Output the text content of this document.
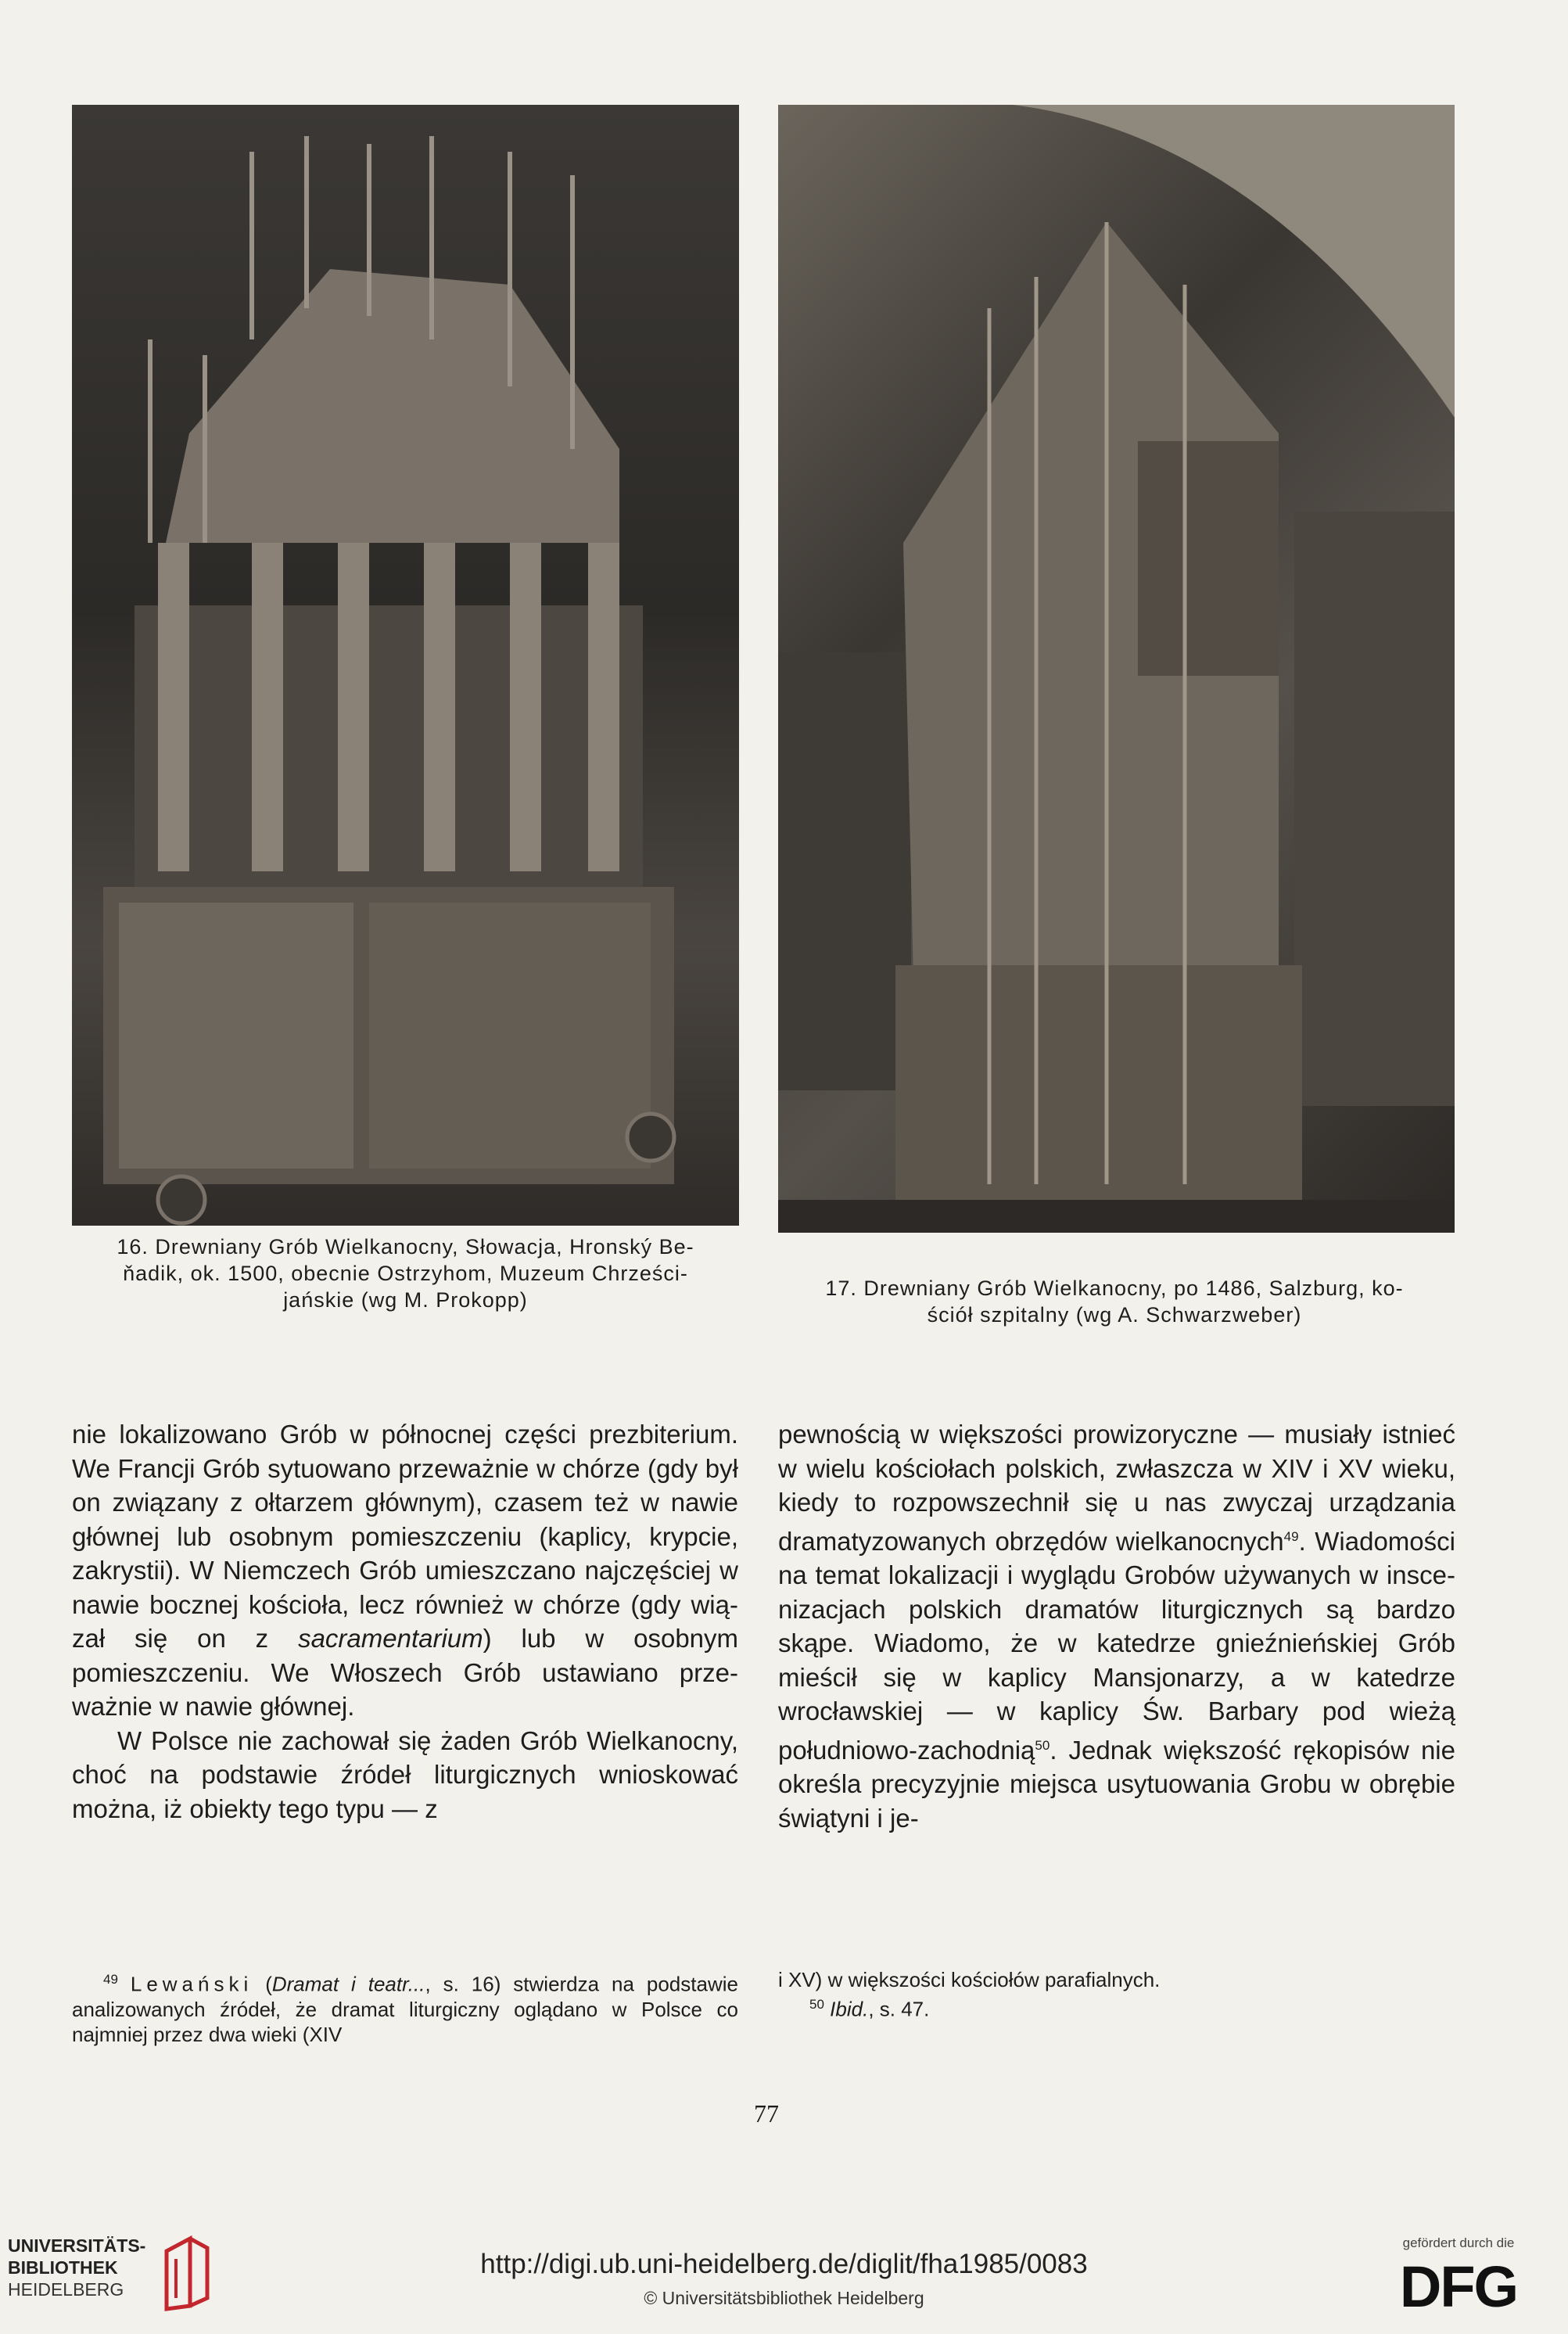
16. Drewniany Grób Wielkanocny, Słowacja, Hronský Be-
ňadik, ok. 1500, obecnie Ostrzyhom, Muzeum Chrześci-
jańskie (wg M. Prokopp)	17. Drewniany Grób Wielkanocny, po 1486, Salzburg, ko-
ściół szpitalny (wg A. Schwarzweber)

nie lokalizowano Grób w północnej części prezbiterium. We Francji Grób sytuowano przeważnie w chórze (gdy był on związany z ołtarzem głównym), czasem też w nawie głównej lub osobnym pomieszczeniu (kaplicy, krypcie, zakrystii). W Niemczech Grób umieszczano najczęściej w nawie bocznej kościoła, lecz również w chórze (gdy wiązał się on z sacramentarium) lub w osobnym pomieszczeniu. We Włoszech Grób ustawiano przeważnie w nawie głównej.

W Polsce nie zachował się żaden Grób Wielkanocny, choć na podstawie źródeł liturgicznych wnioskować można, iż obiekty tego typu — z

pewnością w większości prowizoryczne — musiały istnieć w wielu kościołach polskich, zwłaszcza w XIV i XV wieku, kiedy to rozpowszechnił się u nas zwyczaj urządzania dramatyzowanych obrzędów wielkanocnych$^{49}$. Wiadomości na temat lokalizacji i wyglądu Grobów używanych w inscenizacjach polskich dramatów liturgicznych są bardzo skąpe. Wiadomo, że w katedrze gnieźnieńskiej Grób mieścił się w kaplicy Mansjonarzy, a w katedrze wrocławskiej — w kaplicy Św. Barbary pod wieżą południowo-zachodnią$^{50}$. Jednak większość rękopisów nie określa precyzyjnie miejsca usytuowania Grobu w obrębie świątyni i je-

$^{49}$ Lewański (Dramat i teatr..., s. 16) stwierdza na podstawie analizowanych źródeł, że dramat liturgiczny oglądano w Polsce co najmniej przez dwa wieki (XIV
i XV) w większości kościołów parafialnych.
$^{50}$ Ibid., s. 47.
77
UNIVERSITÄTS-
BIBLIOTHEK
HEIDELBERG
http://digi.ub.uni-heidelberg.de/diglit/fha1985/0083
© Universitätsbibliothek Heidelberg
gefördert durch die
DFG
